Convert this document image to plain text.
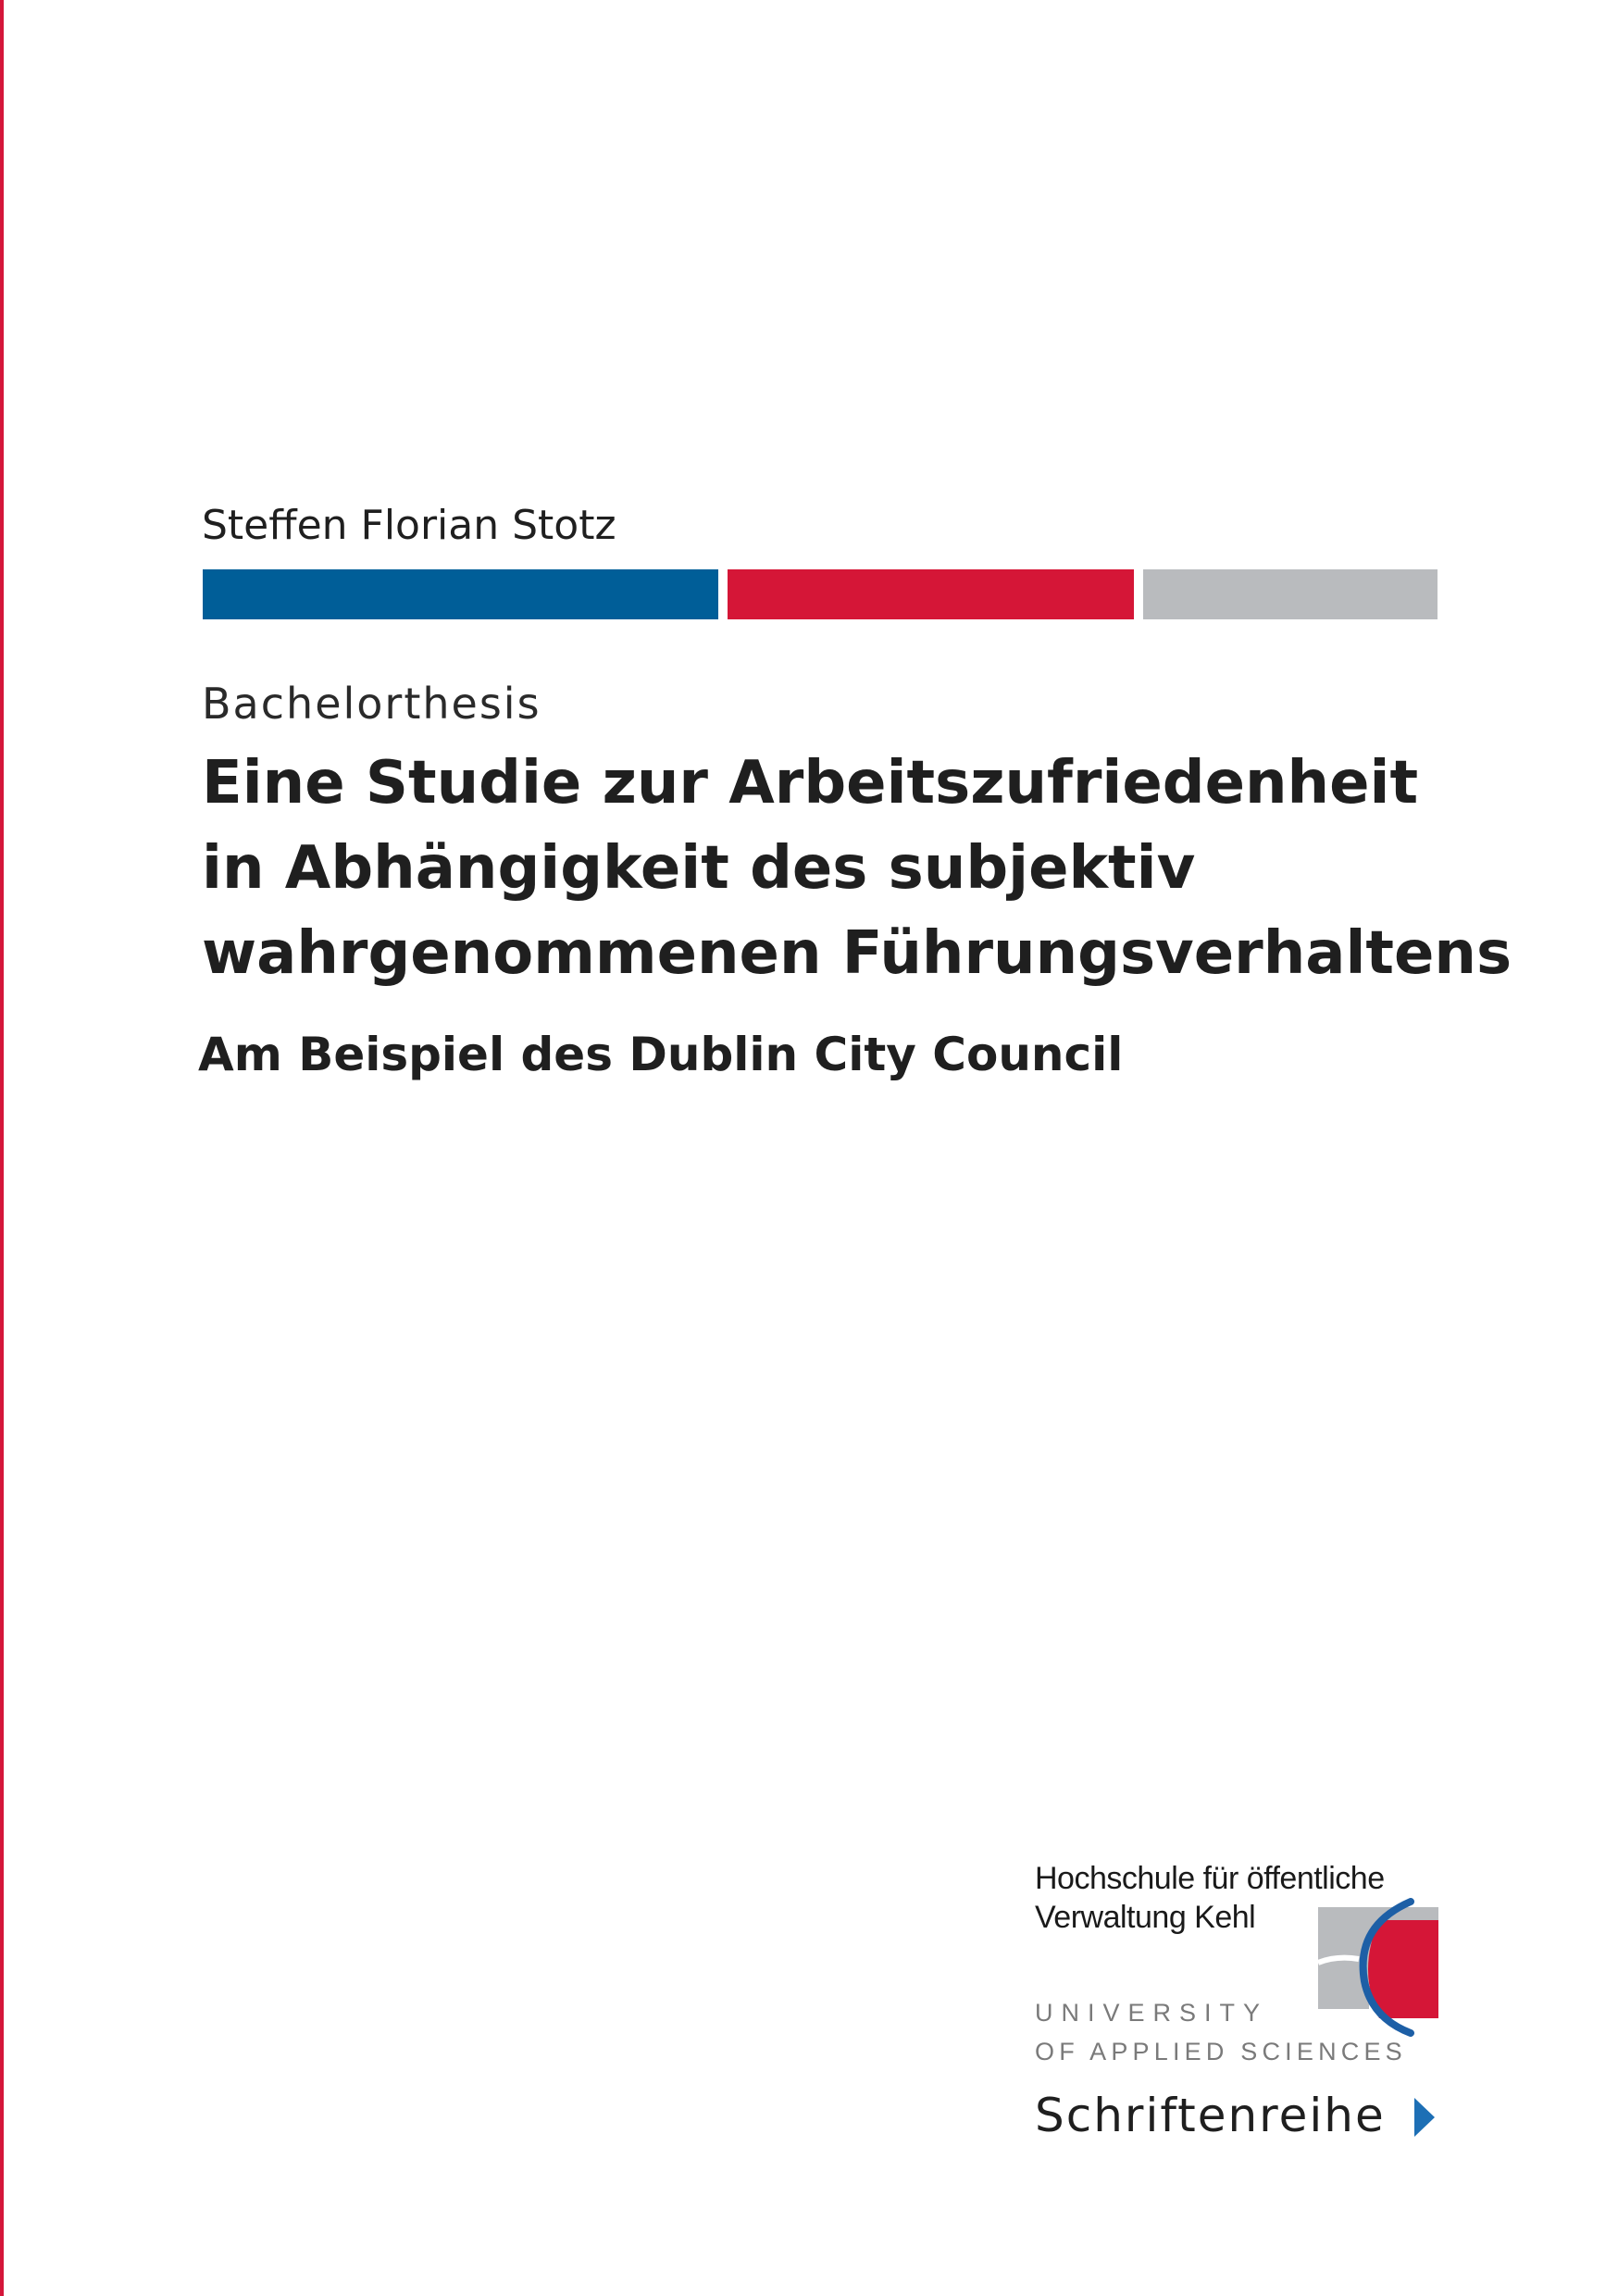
Steffen Florian Stotz
Bachelorthesis
Eine Studie zur Arbeitszufriedenheit
in Abhängigkeit des subjektiv
wahrgenommenen Führungsverhaltens
Am Beispiel des Dublin City Council
Hochschule für öffentliche
Verwaltung Kehl
UNIVERSITY
OF APPLIED SCIENCES
Schriftenreihe
